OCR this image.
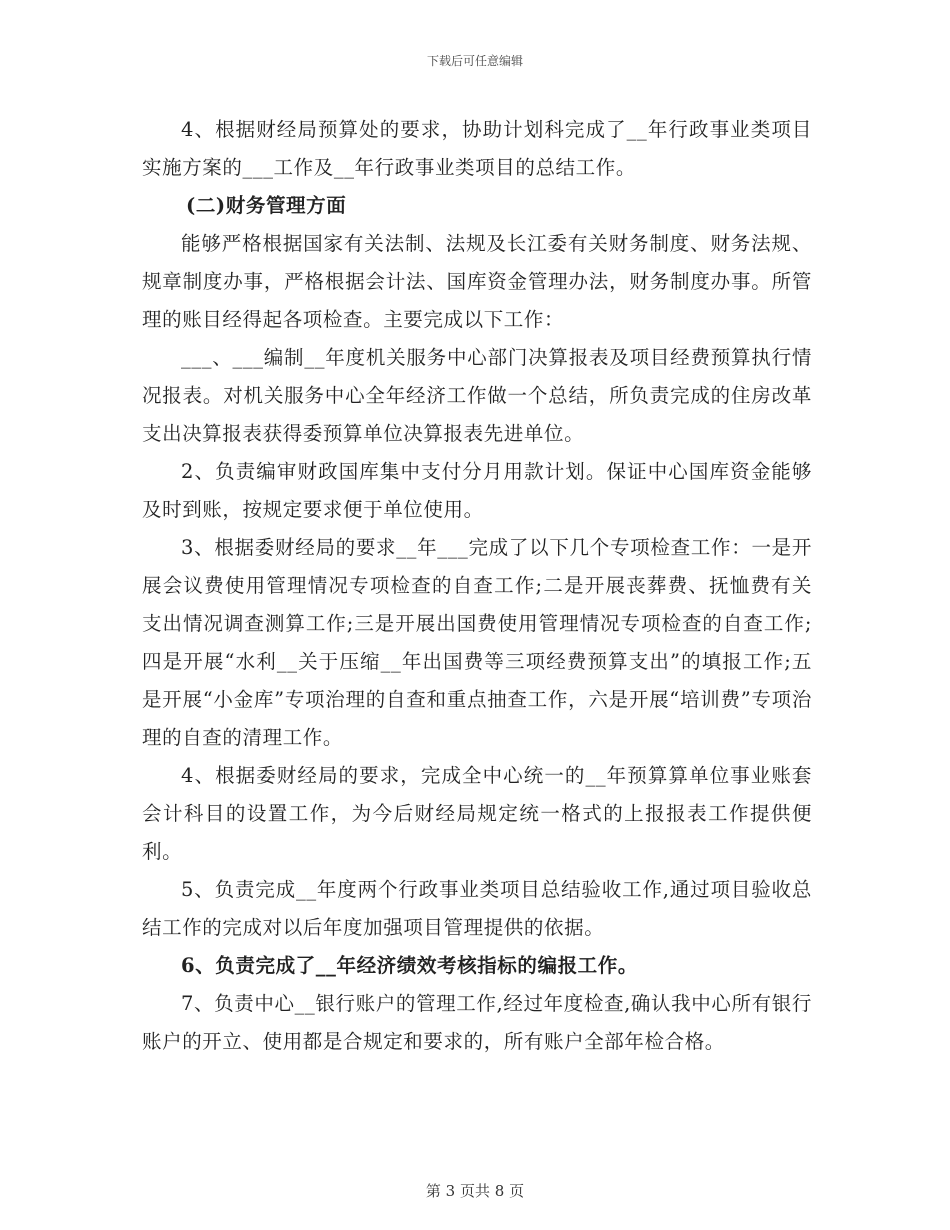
下载后可任意编辑

4、根据财经局预算处的要求，协助计划科完成了__年行政事业类项目实施方案的___工作及__年行政事业类项目的总结工作。

(二)财务管理方面

能够严格根据国家有关法制、法规及长江委有关财务制度、财务法规、规章制度办事，严格根据会计法、国库资金管理办法，财务制度办事。所管理的账目经得起各项检查。主要完成以下工作：

___、___编制__年度机关服务中心部门决算报表及项目经费预算执行情况报表。对机关服务中心全年经济工作做一个总结，所负责完成的住房改革支出决算报表获得委预算单位决算报表先进单位。

2、负责编审财政国库集中支付分月用款计划。保证中心国库资金能够及时到账，按规定要求便于单位使用。

3、根据委财经局的要求__年___完成了以下几个专项检查工作：一是开展会议费使用管理情况专项检查的自查工作;二是开展丧葬费、抚恤费有关支出情况调查测算工作;三是开展出国费使用管理情况专项检查的自查工作;四是开展“水利__关于压缩__年出国费等三项经费预算支出”的填报工作;五是开展“小金库”专项治理的自查和重点抽查工作，六是开展“培训费”专项治理的自查的清理工作。

4、根据委财经局的要求，完成全中心统一的__年预算算单位事业账套会计科目的设置工作，为今后财经局规定统一格式的上报报表工作提供便利。

5、负责完成__年度两个行政事业类项目总结验收工作,通过项目验收总结工作的完成对以后年度加强项目管理提供的依据。

6、负责完成了__年经济绩效考核指标的编报工作。

7、负责中心__银行账户的管理工作,经过年度检查,确认我中心所有银行账户的开立、使用都是合规定和要求的，所有账户全部年检合格。

第 3 页共 8 页
